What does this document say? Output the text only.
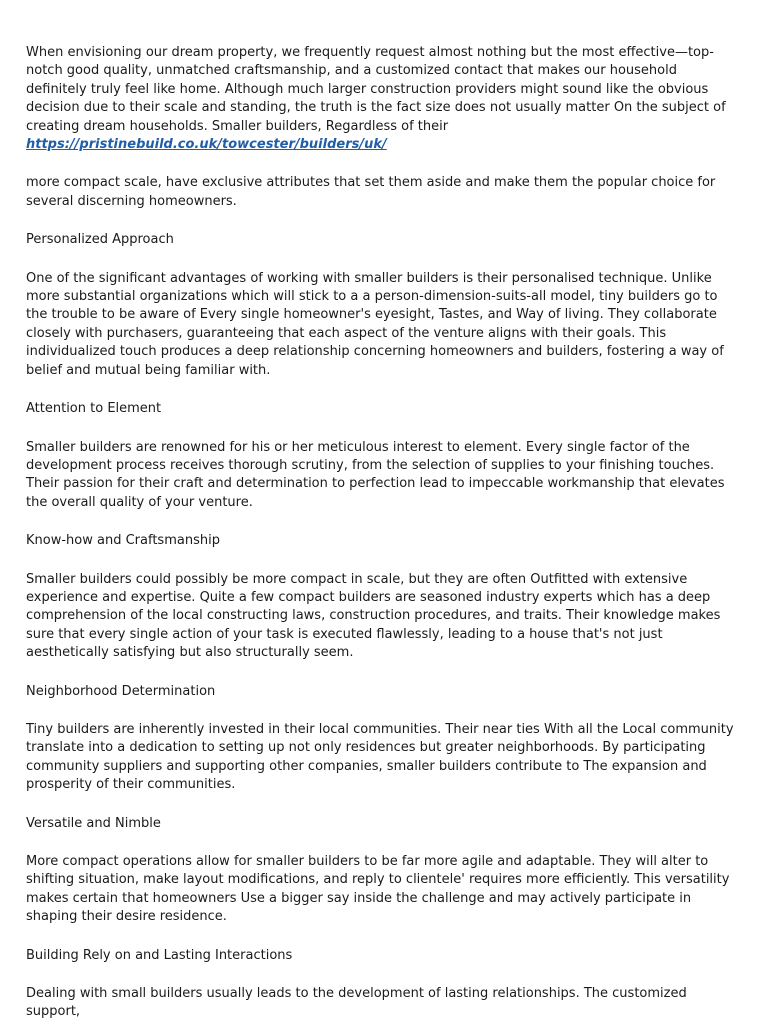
When envisioning our dream property, we frequently request almost nothing but the most effective—top-notch good quality, unmatched craftsmanship, and a customized contact that makes our household definitely truly feel like home. Although much larger construction providers might sound like the obvious decision due to their scale and standing, the truth is the fact size does not usually matter On the subject of creating dream households. Smaller builders, Regardless of their https://pristinebuild.co.uk/towcester/builders/uk/

more compact scale, have exclusive attributes that set them aside and make them the popular choice for several discerning homeowners.

Personalized Approach

One of the significant advantages of working with smaller builders is their personalised technique. Unlike more substantial organizations which will stick to a a person-dimension-suits-all model, tiny builders go to the trouble to be aware of Every single homeowner's eyesight, Tastes, and Way of living. They collaborate closely with purchasers, guaranteeing that each aspect of the venture aligns with their goals. This individualized touch produces a deep relationship concerning homeowners and builders, fostering a way of belief and mutual being familiar with.

Attention to Element

Smaller builders are renowned for his or her meticulous interest to element. Every single factor of the development process receives thorough scrutiny, from the selection of supplies to your finishing touches. Their passion for their craft and determination to perfection lead to impeccable workmanship that elevates the overall quality of your venture.

Know-how and Craftsmanship

Smaller builders could possibly be more compact in scale, but they are often Outfitted with extensive experience and expertise. Quite a few compact builders are seasoned industry experts which has a deep comprehension of the local constructing laws, construction procedures, and traits. Their knowledge makes sure that every single action of your task is executed flawlessly, leading to a house that's not just aesthetically satisfying but also structurally seem.

Neighborhood Determination

Tiny builders are inherently invested in their local communities. Their near ties With all the Local community translate into a dedication to setting up not only residences but greater neighborhoods. By participating community suppliers and supporting other companies, smaller builders contribute to The expansion and prosperity of their communities.

Versatile and Nimble

More compact operations allow for smaller builders to be far more agile and adaptable. They will alter to shifting situation, make layout modifications, and reply to clientele' requires more efficiently. This versatility makes certain that homeowners Use a bigger say inside the challenge and may actively participate in shaping their desire residence.

Building Rely on and Lasting Interactions

Dealing with small builders usually leads to the development of lasting relationships. The customized support,
